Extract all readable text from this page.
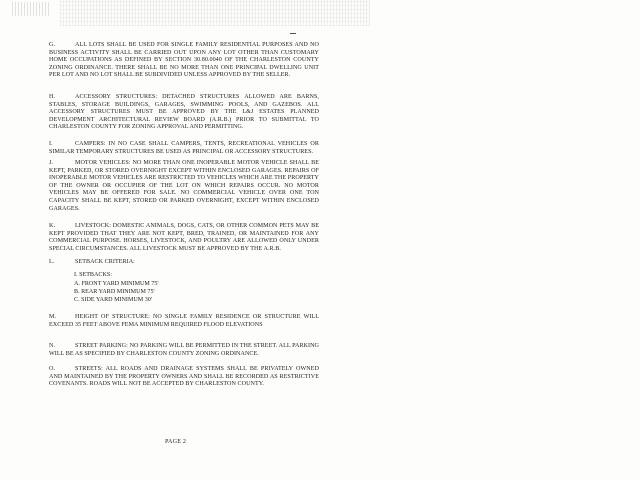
G.	ALL LOTS SHALL BE USED FOR SINGLE FAMILY RESIDENTIAL PURPOSES AND NO BUSINESS ACTIVITY SHALL BE CARRIED OUT UPON ANY LOT OTHER THAN CUSTOMARY HOME OCCUPATIONS AS DEFINED BY SECTION 30.80.0040 OF THE CHARLESTON COUNTY ZONING ORDINANCE. THERE SHALL BE NO MORE THAN ONE PRINCIPAL DWELLING UNIT PER LOT AND NO LOT SHALL BE SUBDIVIDED UNLESS APPROVED BY THE SELLER.

H.	ACCESSORY STRUCTURES: DETACHED STRUCTURES ALLOWED ARE BARNS, STABLES, STORAGE BUILDINGS, GARAGES, SWIMMING POOLS, AND GAZEBOS. ALL ACCESSORY STRUCTURES MUST BE APPROVED BY THE L&J ESTATES PLANNED DEVELOPMENT ARCHITECTURAL REVIEW BOARD (A.R.B.) PRIOR TO SUBMITTAL TO CHARLESTON COUNTY FOR ZONING APPROVAL AND PERMITTING.

I.	CAMPERS: IN NO CASE SHALL CAMPERS, TENTS, RECREATIONAL VEHICLES OR SIMILAR TEMPORARY STRUCTURES BE USED AS PRINCIPAL OR ACCESSORY STRUCTURES.

J.	MOTOR VEHICLES: NO MORE THAN ONE INOPERABLE MOTOR VEHICLE SHALL BE KEPT, PARKED, OR STORED OVERNIGHT EXCEPT WITHIN ENCLOSED GARAGES. REPAIRS OF INOPERABLE MOTOR VEHICLES ARE RESTRICTED TO VEHICLES WHICH ARE THE PROPERTY OF THE OWNER OR OCCUPIER OF THE LOT ON WHICH REPAIRS OCCUR. NO MOTOR VEHICLES MAY BE OFFERED FOR SALE. NO COMMERCIAL VEHICLE OVER ONE TON CAPACITY SHALL BE KEPT, STORED OR PARKED OVERNIGHT, EXCEPT WITHIN ENCLOSED GARAGES.

K.	LIVESTOCK: DOMESTIC ANIMALS, DOGS, CATS, OR OTHER COMMON PETS MAY BE KEPT PROVIDED THAT THEY ARE NOT KEPT, BRED, TRAINED, OR MAINTAINED FOR ANY COMMERCIAL PURPOSE. HORSES, LIVESTOCK, AND POULTRY ARE ALLOWED ONLY UNDER SPECIAL CIRCUMSTANCES. ALL LIVESTOCK MUST BE APPROVED BY THE A.R.B.

L.	SETBACK CRITERIA:

I. SETBACKS:

A. FRONT YARD MINIMUM 75'

B. REAR YARD MINIMUM 75'

C. SIDE YARD MINIMUM 30'

M.	HEIGHT OF STRUCTURE: NO SINGLE FAMILY RESIDENCE OR STRUCTURE WILL EXCEED 35 FEET ABOVE FEMA MINIMUM REQUIRED FLOOD ELEVATIONS

N.	STREET PARKING: NO PARKING WILL BE PERMITTED IN THE STREET. ALL PARKING WILL BE AS SPECIFIED BY CHARLESTON COUNTY ZONING ORDINANCE.

O.	STREETS: ALL ROADS AND DRAINAGE SYSTEMS SHALL BE PRIVATELY OWNED AND MAINTAINED BY THE PROPERTY OWNERS AND SHALL BE RECORDED AS RESTRICTIVE COVENANTS. ROADS WILL NOT BE ACCEPTED BY CHARLESTON COUNTY.

PAGE 2
